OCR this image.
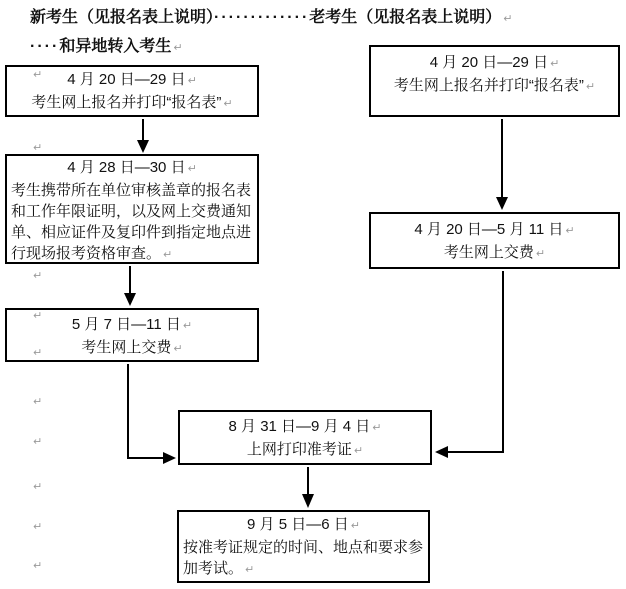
新考生（见报名表上说明）·············老考生（见报名表上说明） ↵
····和异地转入考生 ↵
4 月 20 日—29 日 ↵
考生网上报名并打印“报名表” ↵
4 月 28 日—30 日 ↵
考生携带所在单位审核盖章的报名表和工作年限证明，以及网上交费通知单、相应证件及复印件到指定地点进行现场报考资格审查。 ↵
5 月 7 日—11 日 ↵
考生网上交费 ↵
4 月 20 日—29 日 ↵
考生网上报名并打印“报名表” ↵
4 月 20 日—5 月 11 日 ↵
考生网上交费 ↵
8 月 31 日—9 月 4 日 ↵
上网打印准考证 ↵
9 月 5 日—6 日 ↵
按准考证规定的时间、地点和要求参加考试。 ↵
↵
↵
↵
↵
↵
↵
↵
↵
↵
↵
